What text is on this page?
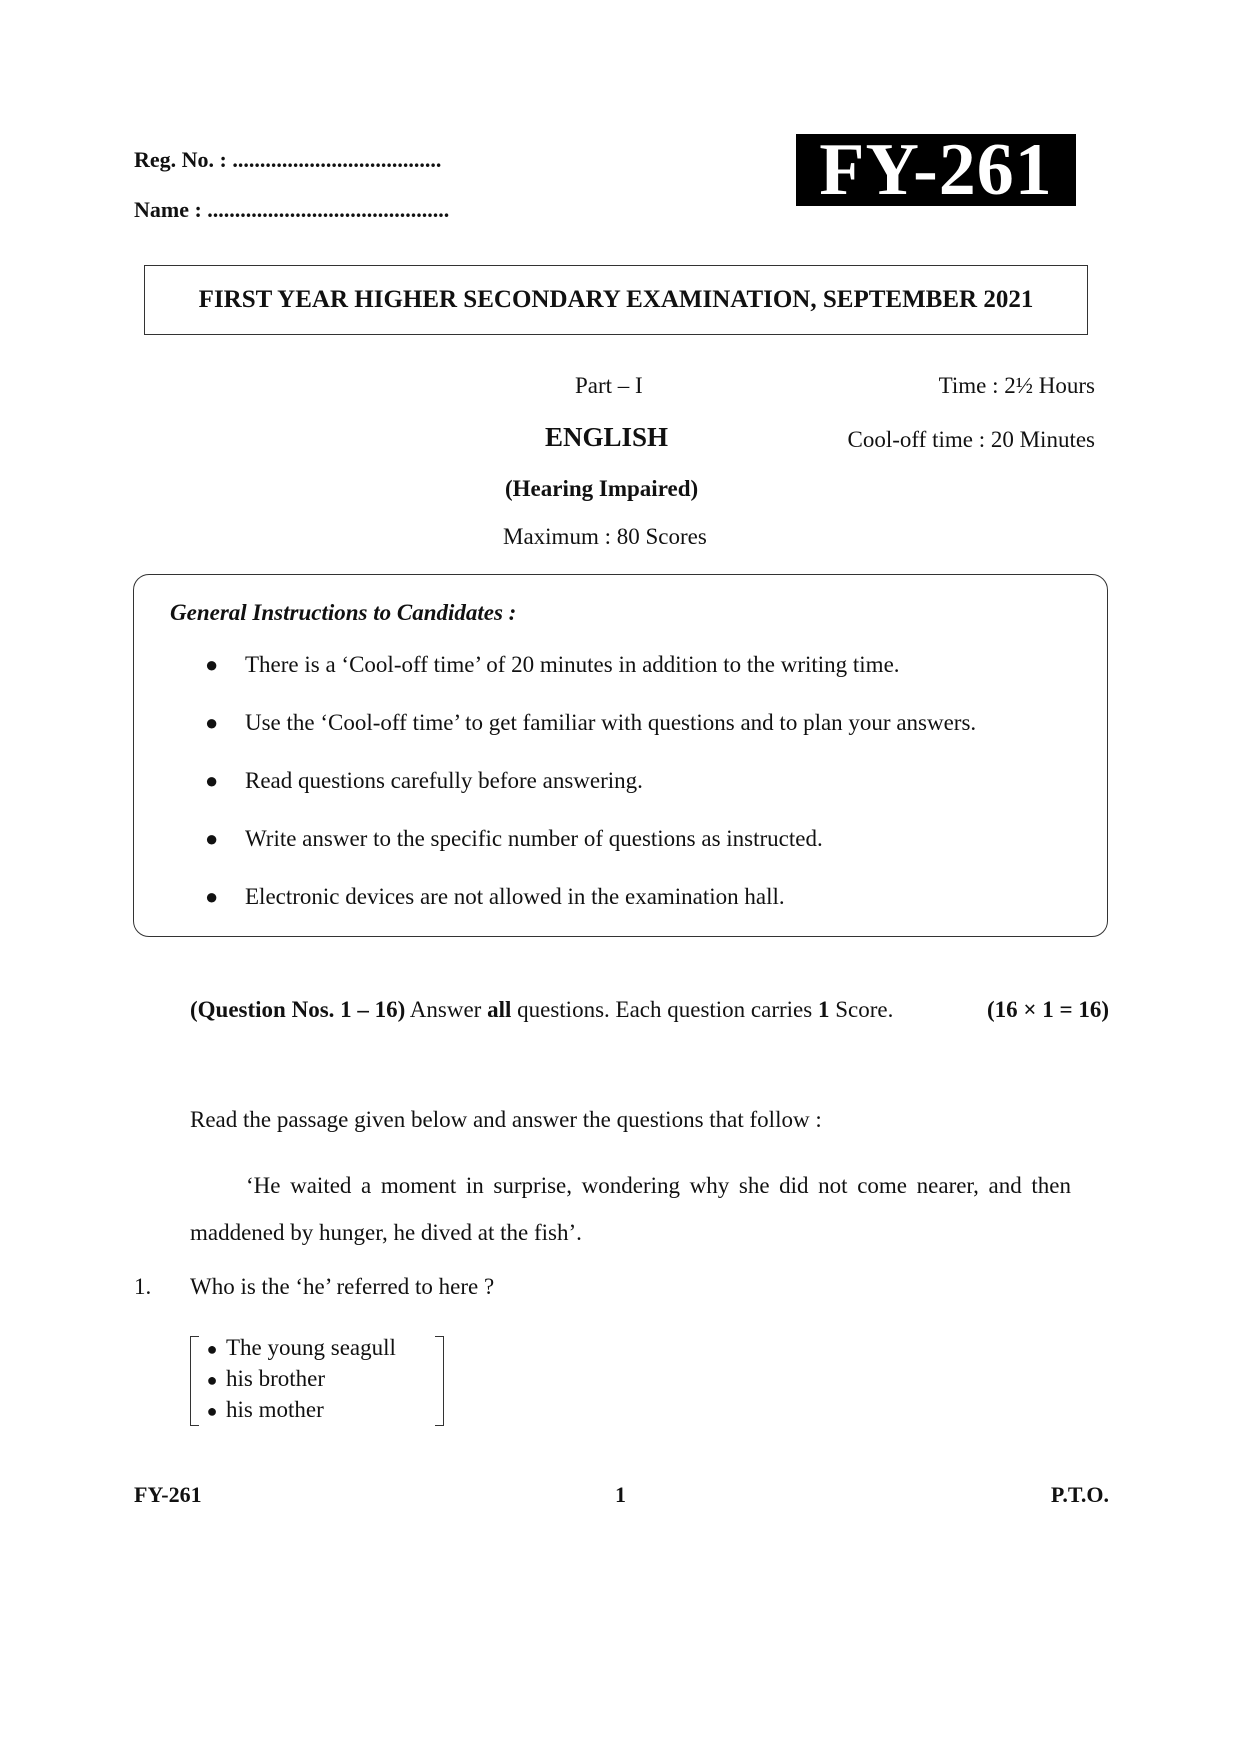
Reg. No. : ......................................
Name : ............................................	FY-261
FIRST YEAR HIGHER SECONDARY EXAMINATION, SEPTEMBER 2021
Part – I	Time : 2½ Hours
ENGLISH	Cool-off time : 20 Minutes
(Hearing Impaired)
Maximum : 80 Scores
General Instructions to Candidates :
●	There is a ‘Cool-off time’ of 20 minutes in addition to the writing time.
●	Use the ‘Cool-off time’ to get familiar with questions and to plan your answers.
●	Read questions carefully before answering.
●	Write answer to the specific number of questions as instructed.
●	Electronic devices are not allowed in the examination hall.
(Question Nos. 1 – 16) Answer all questions. Each question carries 1 Score.	(16 × 1 = 16)
Read the passage given below and answer the questions that follow :
‘He waited a moment in surprise, wondering why she did not come nearer, and then maddened by hunger, he dived at the fish’.
1. Who is the ‘he’ referred to here ?
● The young seagull
● his brother
● his mother
FY-261	1	P.T.O.
